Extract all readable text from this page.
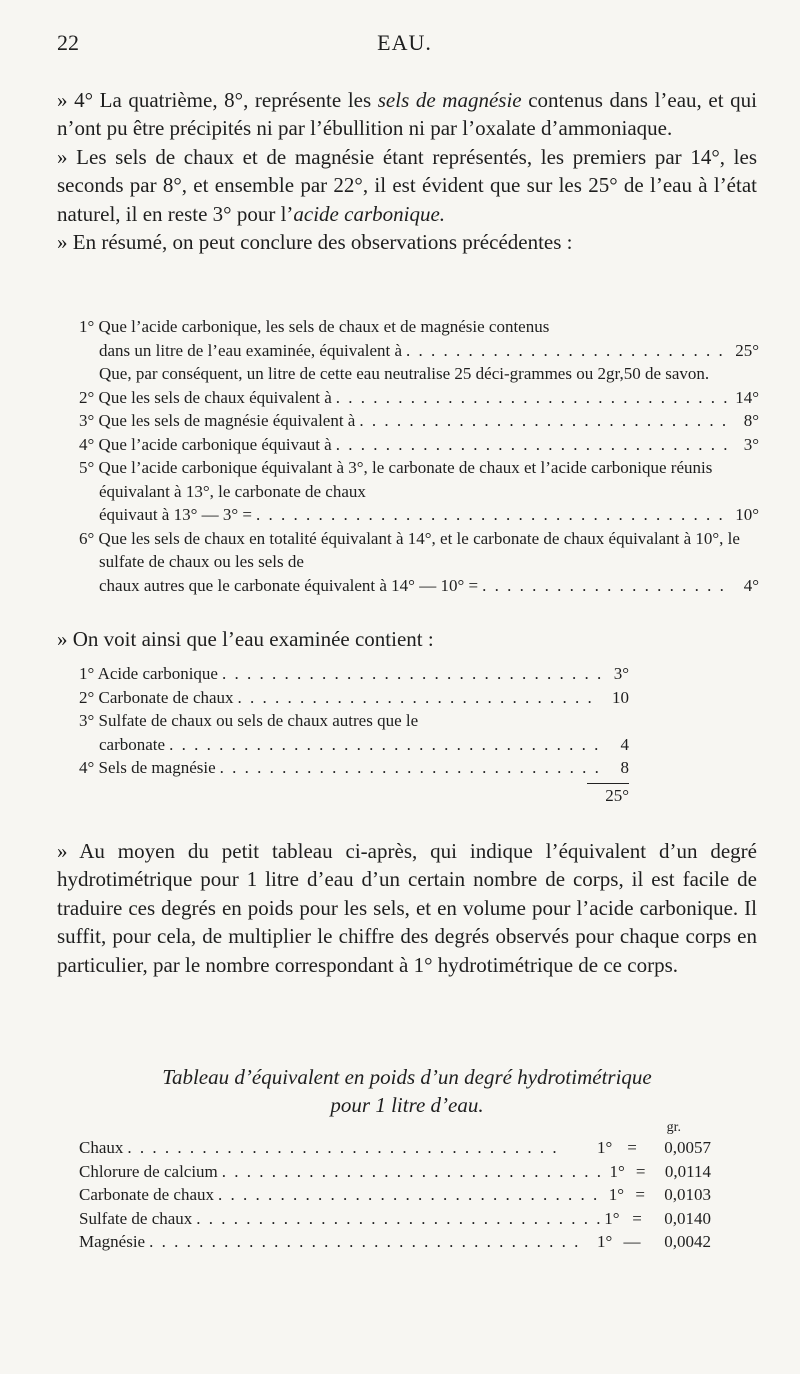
22	EAU.

» 4° La quatrième, 8°, représente les sels de magnésie contenus dans l’eau, et qui n’ont pu être précipités ni par l’ébullition ni par l’oxalate d’ammoniaque.

» Les sels de chaux et de magnésie étant représentés, les premiers par 14°, les seconds par 8°, et ensemble par 22°, il est évident que sur les 25° de l’eau à l’état naturel, il en reste 3° pour l’acide carbonique.

» En résumé, on peut conclure des observations précédentes :

1° Que l’acide carbonique, les sels de chaux et de magnésie contenus
dans un litre de l’eau examinée, équivalent à . . .	25°
Que, par conséquent, un litre de cette eau neutralise 25 déci-grammes ou 2gr,50 de savon.
2° Que les sels de chaux équivalent à . . .	14°
3° Que les sels de magnésie équivalent à . . .	8°
4° Que l’acide carbonique équivaut à . . .	3°
5° Que l’acide carbonique équivalant à 3°, le carbonate de chaux et l’acide carbonique réunis équivalant à 13°, le carbonate de chaux
équivaut à 13° — 3° = . . .	10°
6° Que les sels de chaux en totalité équivalant à 14°, et le carbonate de chaux équivalant à 10°, le sulfate de chaux ou les sels de
chaux autres que le carbonate équivalent à 14° — 10° = . . .	4°

» On voit ainsi que l’eau examinée contient :

1° Acide carbonique . . .	3°
2° Carbonate de chaux . . .	10
3° Sulfate de chaux ou sels de chaux autres que le
carbonate . . .	4
4° Sels de magnésie . . .	8
25°

» Au moyen du petit tableau ci-après, qui indique l’équivalent d’un degré hydrotimétrique pour 1 litre d’eau d’un certain nombre de corps, il est facile de traduire ces degrés en poids pour les sels, et en volume pour l’acide carbonique. Il suffit, pour cela, de multiplier le chiffre des degrés observés pour chaque corps en particulier, par le nombre correspondant à 1° hydrotimétrique de ce corps.

Tableau d’équivalent en poids d’un degré hydrotimétrique
pour 1 litre d’eau.
gr.
Chaux . . .	1° =	0,0057
Chlorure de calcium . . .	1° =	0,0114
Carbonate de chaux . . .	1° =	0,0103
Sulfate de chaux . . .	1° =	0,0140
Magnésie . . .	1° —	0,0042
